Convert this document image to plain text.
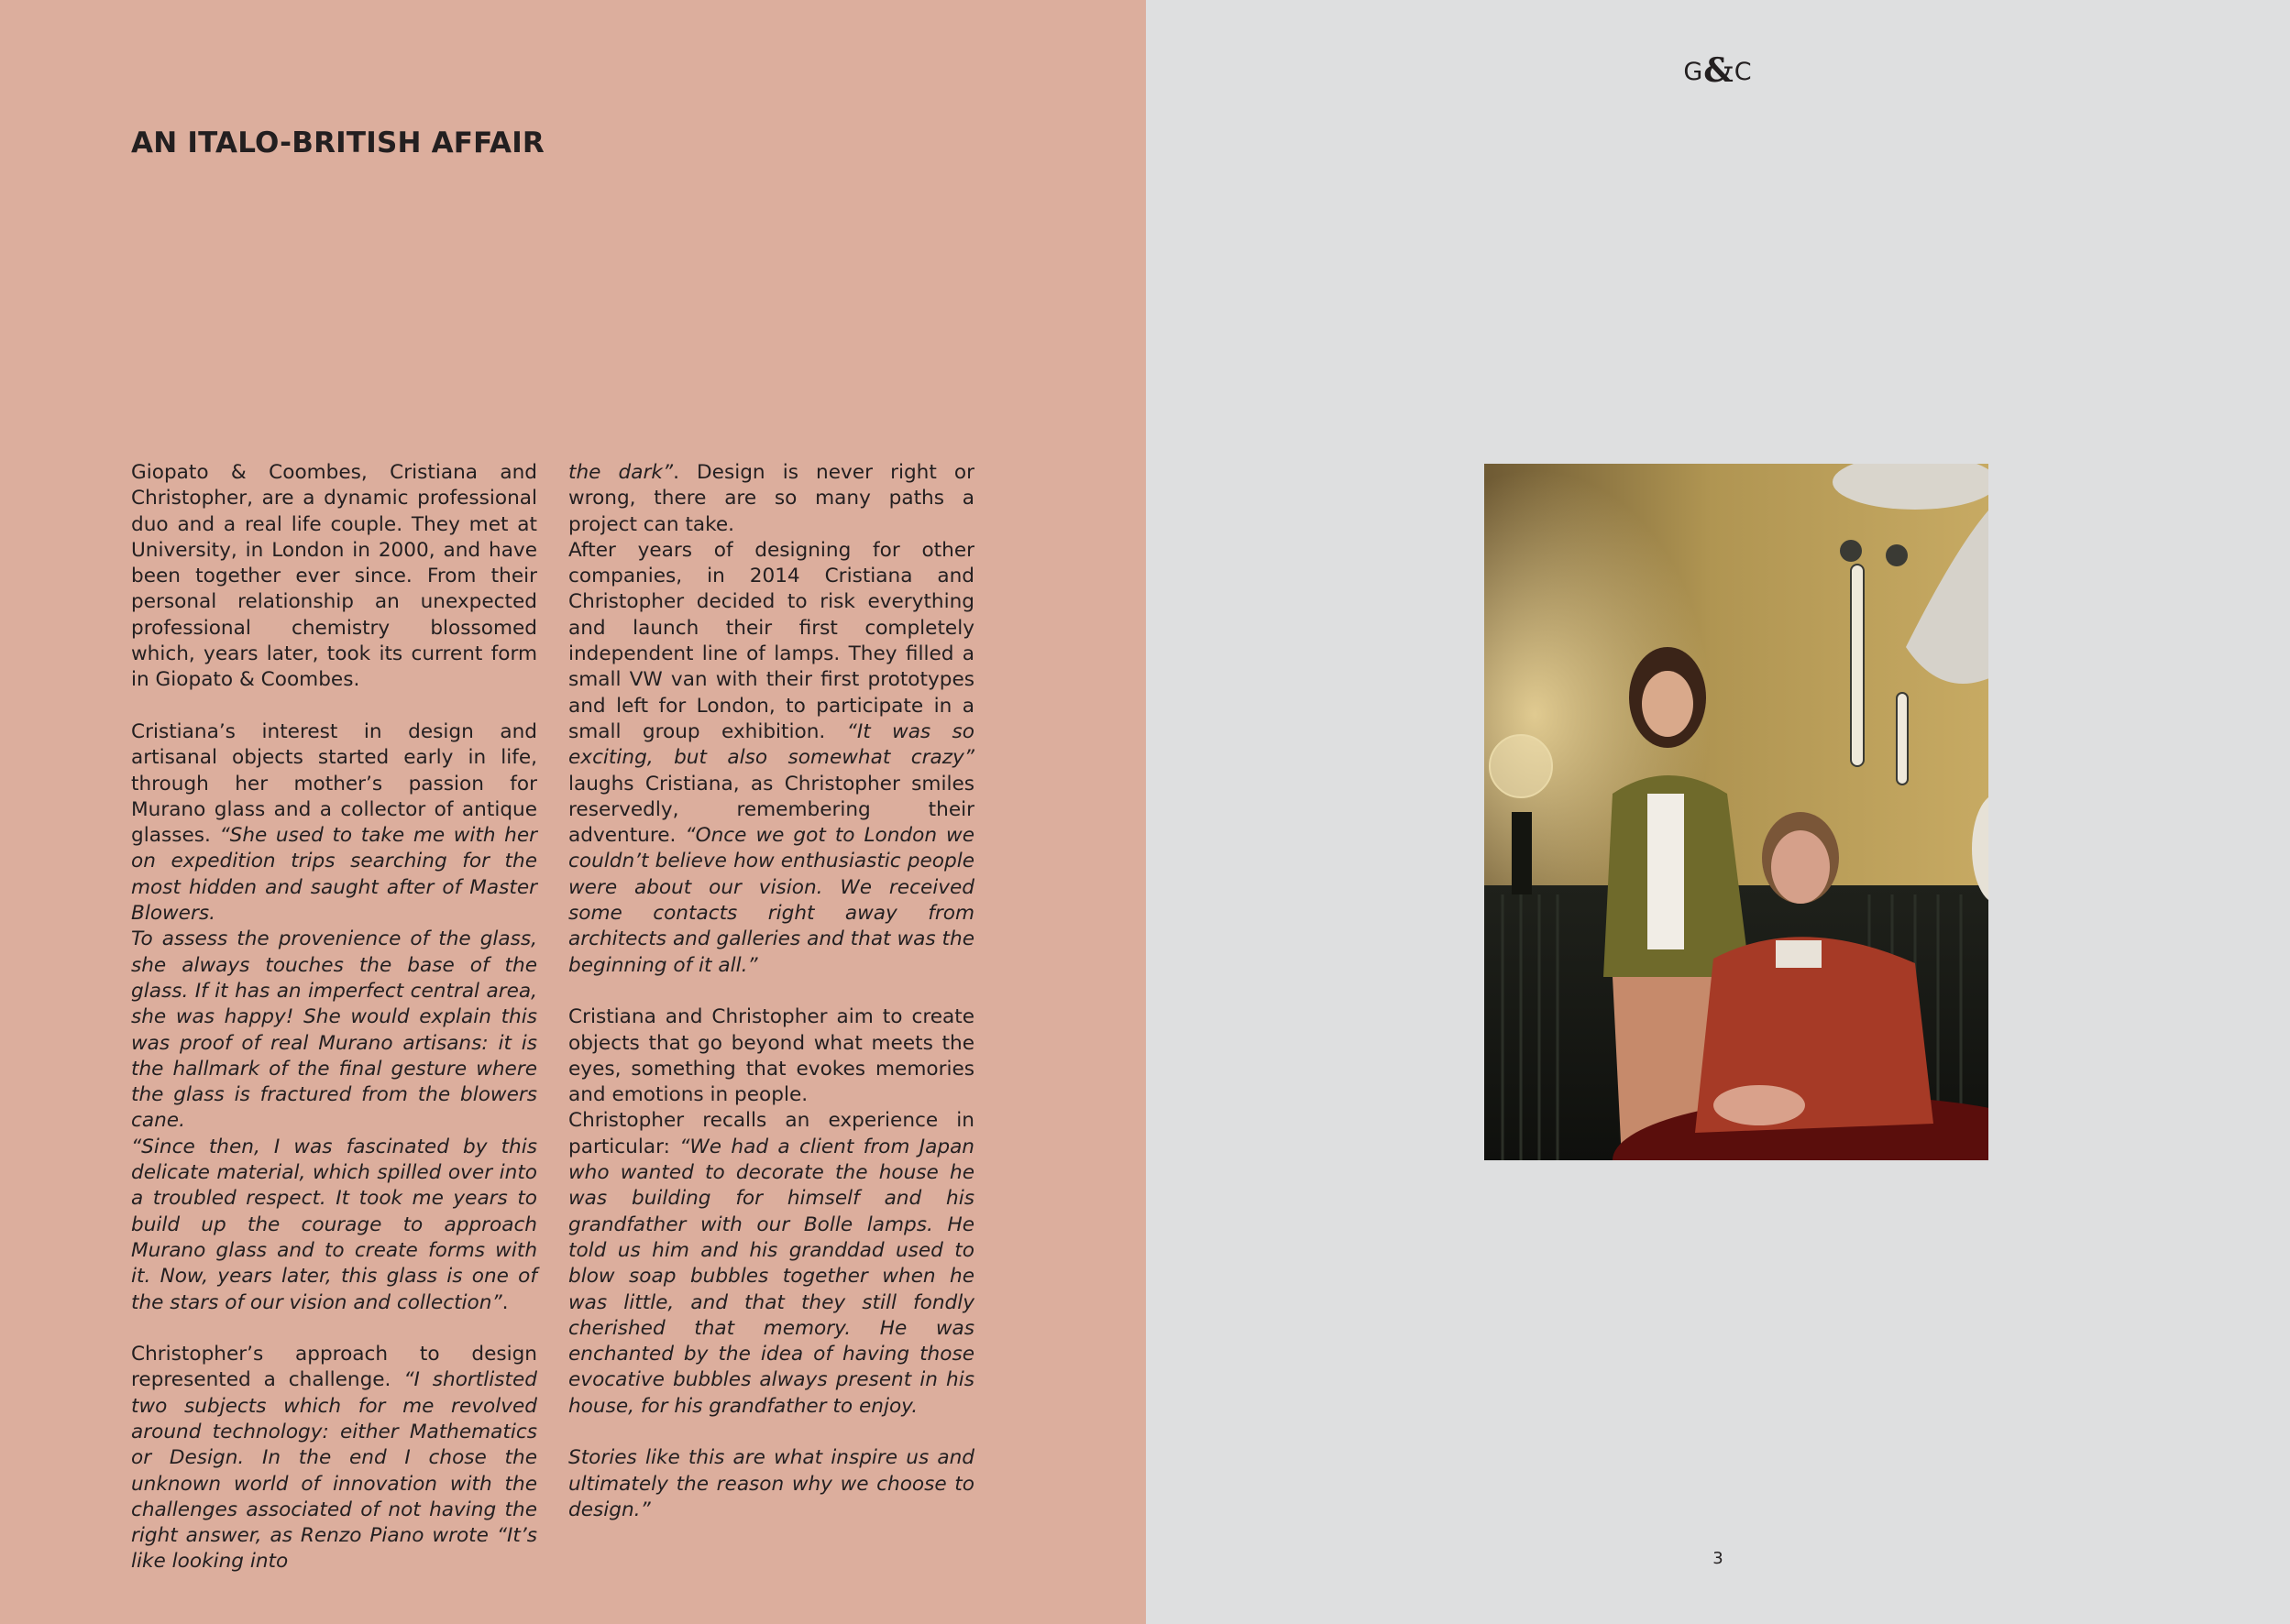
AN ITALO-BRITISH AFFAIR

Giopato & Coombes, Cristiana and Christopher, are a dynamic professional duo and a real life couple. They met at University, in London in 2000, and have been together ever since. From their personal relationship an unexpected professional chemistry blossomed which, years later, took its current form in Giopato & Coombes.

Cristiana’s interest in design and artisanal objects started early in life, through her mother’s passion for Murano glass and a collector of antique glasses. “She used to take me with her on expedition trips searching for the most hidden and saught after of Master Blowers.

To assess the provenience of the glass, she always touches the base of the glass. If it has an imperfect central area, she was happy! She would explain this was proof of real Murano artisans: it is the hallmark of the final gesture where the glass is fractured from the blowers cane.

“Since then, I was fascinated by this delicate material, which spilled over into a troubled respect. It took me years to build up the courage to approach Murano glass and to create forms with it. Now, years later, this glass is one of the stars of our vision and collection”.

Christopher’s approach to design represented a challenge. “I shortlisted two subjects which for me revolved around technology: either Mathematics or Design. In the end I chose the unknown world of innovation with the challenges associated of not having the right answer, as Renzo Piano wrote “It’s like looking into

the dark”. Design is never right or wrong, there are so many paths a project can take.

After years of designing for other companies, in 2014 Cristiana and Christopher decided to risk everything and launch their first completely independent line of lamps. They filled a small VW van with their first prototypes and left for London, to participate in a small group exhibition. “It was so exciting, but also somewhat crazy” laughs Cristiana, as Christopher smiles reservedly, remembering their adventure. “Once we got to London we couldn’t believe how enthusiastic people were about our vision. We received some contacts right away from architects and galleries and that was the beginning of it all.”

Cristiana and Christopher aim to create objects that go beyond what meets the eyes, something that evokes memories and emotions in people.

Christopher recalls an experience in particular: “We had a client from Japan who wanted to decorate the house he was building for himself and his grandfather with our Bolle lamps. He told us him and his granddad used to blow soap bubbles together when he was little, and that they still fondly cherished that memory. He was enchanted by the idea of having those evocative bubbles always present in his house, for his grandfather to enjoy.

Stories like this are what inspire us and ultimately the reason why we choose to design.”

G&C
3
